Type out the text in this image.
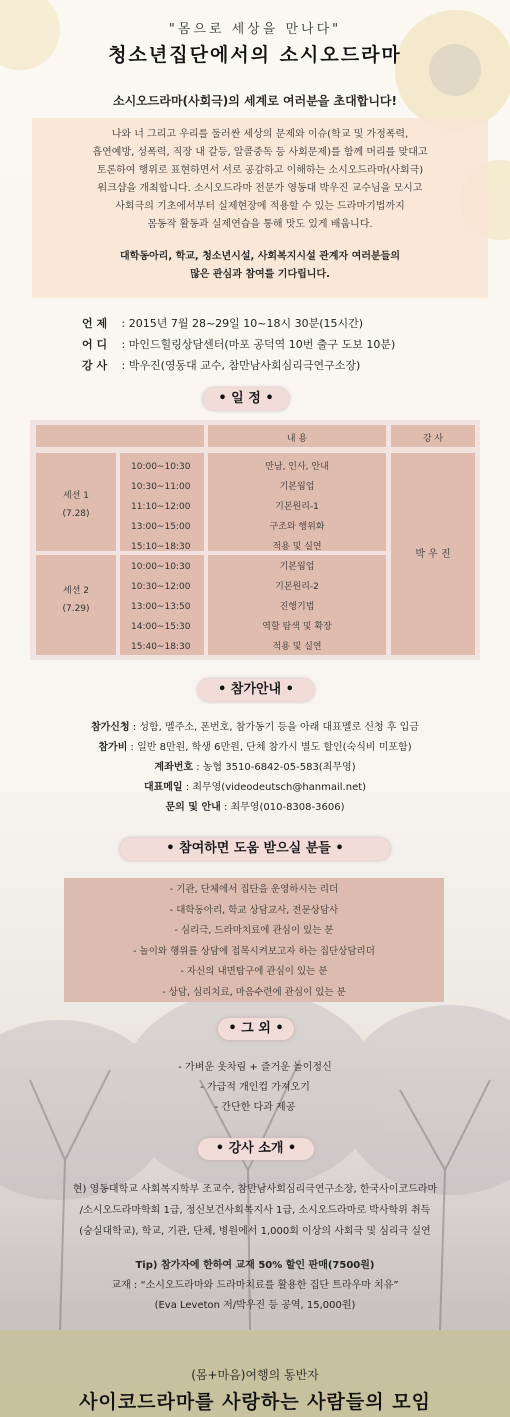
"몸으로 세상을 만나다"
청소년집단에서의 소시오드라마
소시오드라마(사회극)의 세계로 여러분을 초대합니다!
나와 너 그리고 우리를 둘러싼 세상의 문제와 이슈(학교 및 가정폭력,
흡연예방, 성폭력, 직장 내 갈등, 알콜중독 등 사회문제)를 함께 머리를 맞대고
토론하여 행위로 표현하면서 서로 공감하고 이해하는 소시오드라마(사회극)
워크샵을 개최합니다. 소시오드라마 전문가 영동대 박우진 교수님을 모시고
사회극의 기초에서부터 실제현장에 적용할 수 있는 드라마기법까지
몸동작 활동과 실제연습을 통해 맛도 있게 배웁니다.
대학동아리, 학교, 청소년시설, 사회복지시설 관계자 여러분들의
많은 관심과 참여를 기다립니다.
언 제 : 2015년 7월 28~29일 10~18시 30분(15시간)
어 디 : 마인드힐링상담센터(마포 공덕역 10번 출구 도보 10분)
강 사 : 박우진(영동대 교수, 참만남사회심리극연구소장)
• 일 정 •
내 용	강 사
세션 1
(7.28)
10:00~10:30
10:30~11:00
11:10~12:00
13:00~15:00
15:10~18:30
만남, 인사, 안내
기본웜업
기본원리-1
구조와 행위화
적용 및 실연
세션 2
(7.29)
10:00~10:30
10:30~12:00
13:00~13:50
14:00~15:30
15:40~18:30
기본웜업
기본원리-2
진행기법
역할 탐색 및 확장
적용 및 실연
박 우 진
• 참가안내 •

참가신청 : 성함, 멜주소, 폰번호, 참가동기 등을 아래 대표멜로 신청 후 입금

참가비 : 일반 8만원, 학생 6만원, 단체 참가시 별도 할인(숙식비 미포함)

계좌번호 : 농협 3510-6842-05-583(최무영)

대표메일 : 최무영(videodeutsch@hanmail.net)

문의 및 안내 : 최무영(010-8308-3606)

• 참여하면 도움 받으실 분들 •
- 기관, 단체에서 집단을 운영하시는 리더
- 대학동아리, 학교 상담교사, 전문상담사
- 심리극, 드라마치료에 관심이 있는 분
- 놀이와 행위를 상담에 접목시켜보고자 하는 집단상담리더
- 자신의 내면탐구에 관심이 있는 분
- 상담, 심리치료, 마음수련에 관심이 있는 분
• 그 외 •
- 가벼운 옷차림 + 즐거운 놀이정신
- 가급적 개인컵 가져오기
- 간단한 다과 제공
• 강사 소개 •
현) 영동대학교 사회복지학부 조교수, 참만남사회심리극연구소장, 한국사이코드라마
/소시오드라마학회 1급, 정신보건사회복지사 1급, 소시오드라마로 박사학위 취득
(숭실대학교), 학교, 기관, 단체, 병원에서 1,000회 이상의 사회극 및 심리극 실연
Tip) 참가자에 한하여 교재 50% 할인 판매(7500원)
교재 : “소시오드라마와 드라마치료를 활용한 집단 트라우마 치유”
(Eva Leveton 저/박우진 등 공역, 15,000원)
(몸+마음)여행의 동반자
사이코드라마를 사랑하는 사람들의 모임
